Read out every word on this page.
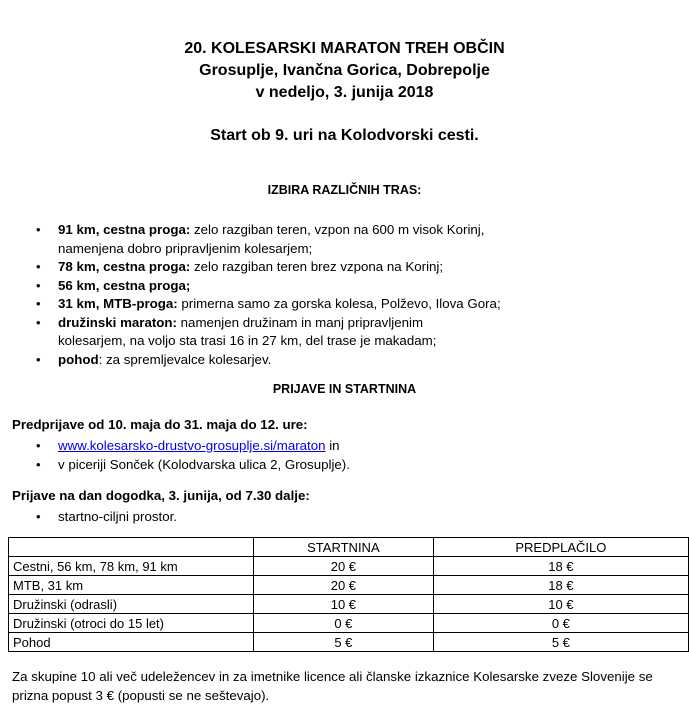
20. KOLESARSKI MARATON TREH OBČIN
Grosuplje, Ivančna Gorica, Dobrepolje
v nedeljo, 3. junija 2018
Start ob 9. uri na Kolodvorski cesti.
IZBIRA RAZLIČNIH TRAS:
• 91 km, cestna proga: zelo razgiban teren, vzpon na 600 m visok Korinj,
namenjena dobro pripravljenim kolesarjem;
• 78 km, cestna proga: zelo razgiban teren brez vzpona na Korinj;
• 56 km, cestna proga;
• 31 km, MTB-proga: primerna samo za gorska kolesa, Polževo, Ilova Gora;
• družinski maraton: namenjen družinam in manj pripravljenim
kolesarjem, na voljo sta trasi 16 in 27 km, del trase je makadam;
• pohod: za spremljevalce kolesarjev.
PRIJAVE IN STARTNINA
Predprijave od 10. maja do 31. maja do 12. ure:
• www.kolesarsko-drustvo-grosuplje.si/maraton in
• v piceriji Sonček (Kolodvarska ulica 2, Grosuplje).
Prijave na dan dogodka, 3. junija, od 7.30 dalje:
• startno-ciljni prostor.
	STARTNINA	PREDPLAČILO
Cestni, 56 km, 78 km, 91 km	20 €	18 €
MTB, 31 km	20 €	18 €
Družinski (odrasli)	10 €	10 €
Družinski (otroci do 15 let)	0 €	0 €
Pohod	5 €	5 €
Za skupine 10 ali več udeležencev in za imetnike licence ali članske izkaznice Kolesarske zveze Slovenije se
prizna popust 3 € (popusti se ne seštevajo).
